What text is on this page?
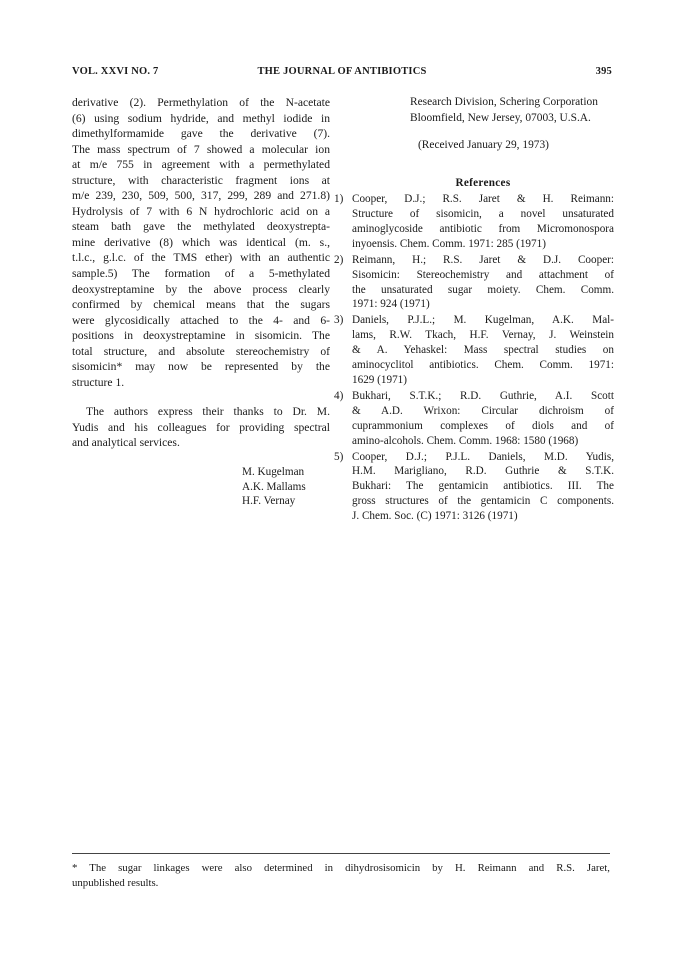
VOL. XXVI NO. 7	THE JOURNAL OF ANTIBIOTICS	395
derivative (2). Permethylation of the N-acetate
(6) using sodium hydride, and methyl iodide in
dimethylformamide gave the derivative (7).
The mass spectrum of 7 showed a molecular ion
at m/e 755 in agreement with a permethylated
structure, with characteristic fragment ions at
m/e 239, 230, 509, 500, 317, 299, 289 and 271.8)
Hydrolysis of 7 with 6 N hydrochloric acid on a
steam bath gave the methylated deoxystrepta-
mine derivative (8) which was identical (m. s.,
t.l.c., g.l.c. of the TMS ether) with an authentic
sample.5) The formation of a 5-methylated
deoxystreptamine by the above process clearly
confirmed by chemical means that the sugars
were glycosidically attached to the 4- and 6-
positions in deoxystreptamine in sisomicin. The
total structure, and absolute stereochemistry of
sisomicin* may now be represented by the
structure 1.
The authors express their thanks to Dr. M.
Yudis and his colleagues for providing spectral
and analytical services.
M. Kugelman
A.K. Mallams
H.F. Vernay
Research Division, Schering Corporation
Bloomfield, New Jersey, 07003, U.S.A.
(Received January 29, 1973)
References
1) Cooper, D.J.; R.S. Jaret & H. Reimann:
Structure of sisomicin, a novel unsaturated
aminoglycoside antibiotic from Micromonospora
inyoensis. Chem. Comm. 1971: 285 (1971)
2) Reimann, H.; R.S. Jaret & D.J. Cooper:
Sisomicin: Stereochemistry and attachment of
the unsaturated sugar moiety. Chem. Comm.
1971: 924 (1971)
3) Daniels, P.J.L.; M. Kugelman, A.K. Mal-
lams, R.W. Tkach, H.F. Vernay, J. Weinstein
& A. Yehaskel: Mass spectral studies on
aminocyclitol antibiotics. Chem. Comm. 1971:
1629 (1971)
4) Bukhari, S.T.K.; R.D. Guthrie, A.I. Scott
& A.D. Wrixon: Circular dichroism of
cuprammonium complexes of diols and of
amino-alcohols. Chem. Comm. 1968: 1580 (1968)
5) Cooper, D.J.; P.J.L. Daniels, M.D. Yudis,
H.M. Marigliano, R.D. Guthrie & S.T.K.
Bukhari: The gentamicin antibiotics. III. The
gross structures of the gentamicin C components.
J. Chem. Soc. (C) 1971: 3126 (1971)
* The sugar linkages were also determined in dihydrosisomicin by H. Reimann and R.S. Jaret,
unpublished results.
